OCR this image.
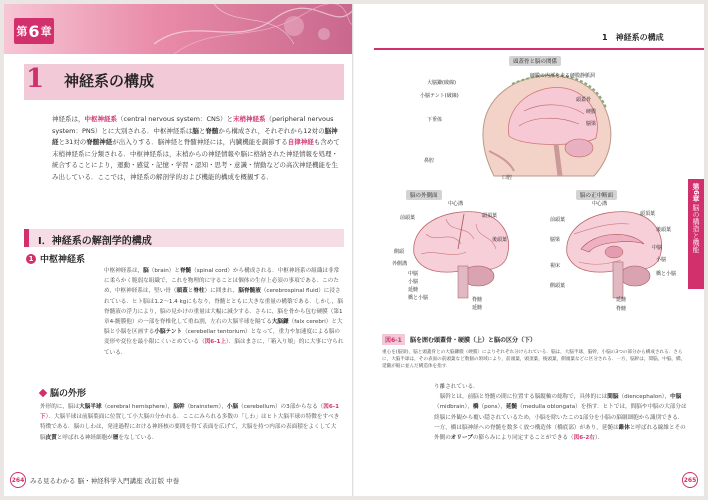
第 6 章
1 神経系の構成
神経系は，中枢神経系（central nervous system：CNS）と末梢神経系（peripheral nervous system：PNS）とに大別される．中枢神経系は脳と脊髄から構成され，それぞれから12対の脳神経と31対の脊髄神経が出入りする．脳神経と脊髄神経には，内臓機能を調節する自律神経も含めて末梢神経系に分類される．中枢神経系は，末梢からの神経情報や脳に格納された神経情報を処理・統合することにより，運動・感覚・記憶・学習・認知・思考・意識・情動などの高次神経機能を生み出している．ここでは，神経系の解剖学的および機能的構成を概観する．
Ⅰ．神経系の解剖学的構成
1 中枢神経系
中枢神経系は，脳（brain）と脊髄（spinal cord）から構成される．中枢神経系の組織は非常に柔らかく脆弱な組織で，これを物理的に守ることは個体の生存上必須の事項である．このため，中枢神経系は，堅い骨（頭蓋と脊柱）に囲まれ，脳脊髄液（cerebrospinal fluid）に浸されている．ヒト脳は1.2〜1.4 kgにもなり，脊髄とともに大きな重量の構築である．しかし，脳脊髄液の浮力により，脳の見かけの重量は大幅に減少する．さらに，脳を骨から包む硬膜（第1章4-髄膜他）の一部を脊椎化して重ね割，左右の大脳半球を隔てる大脳鎌（falx cerebri）と大脳と小脳を区画する小脳テント（cerebellar tentorium）となって，重力や加速度による脳の変形や変位を最小限にくいとめている（図6-1上）．脳はまさに，「箱入り娘」的に大事に守られている．
脳の外形
外形的に，脳は大脳半球（cerebral hemisphere），脳幹（brainstem），小脳（cerebellum）の3部からなる（図6-1下）．大脳半球は前脳葉面に位置して小大脳の分かれる．ここにみられる多数の「しわ」はヒト大脳半球の特徴をすべき特徴である．脳のしわは，発達過程における神経核の要間を得て表面を広げて，大脳を持つ内部の表面積をよくして大脳皮質と呼ばれる神経細胞が層をなしている．
264 みる見るわかる 脳・神経科学入門講座 改訂版 中巻
1　神経系の構成
第6章
脳の構造と機能
頭蓋骨と脳の関係
大脳鎌(破線)
硬膜の内部を走る硬膜静脈洞
小脳テント(破線)
頭蓋骨
硬膜
下垂体
脳梁
鼻腔
口腔
脳の外側面
中心溝
前頭葉	頭頂葉
後頭葉
側頭
外側溝
中脳
小脳
延髄
橋と小脳	脊髄
延髄
脳の正中断面
中心溝
頭頂葉
前頭葉
後頭葉
脳梁
中脳
小脳
視床
橋と小脳
側頭葉
延髄
脊髄
図6-1 脳を囲む頭蓋骨・硬膜（上）と脳の区分（下）
重心を(脳梁)，脳と頭蓋骨との大脳鎌膜（硬膜）によりそれぞれ分けられている．脳は，大脳半球，脳幹，小脳の3つの部分から構成される．さらに，大脳半球は，その表面の前頭葉など数個の領域により，前頭葉，頭頂葉，後頭葉，側頭葉などに区分される．一方，脳幹は，間脳，中脳，橋，延髄が縦に並んだ構造体を指す．
り離されている．
　脳幹とは，前脳と脊髄の間に位置する脳縦軸の総称で，具体的には間脳（diencephalon），中脳（midbrain），橋（pons），延髄（medulla oblongata）を指す．ヒトでは，間脳や中脳の大部分は終脳に外観から覆い隠されているため，小脳を除いたこの1部分を小脳の脳網細胞から識別できる．一方，橋は脳神経への脊髄を数多く放つ構造体（橋底部）があり，延髄は錐体と呼ばれる線維とその外側のオリーブの膨らみにより同定することができる（図6-2右）．
265
